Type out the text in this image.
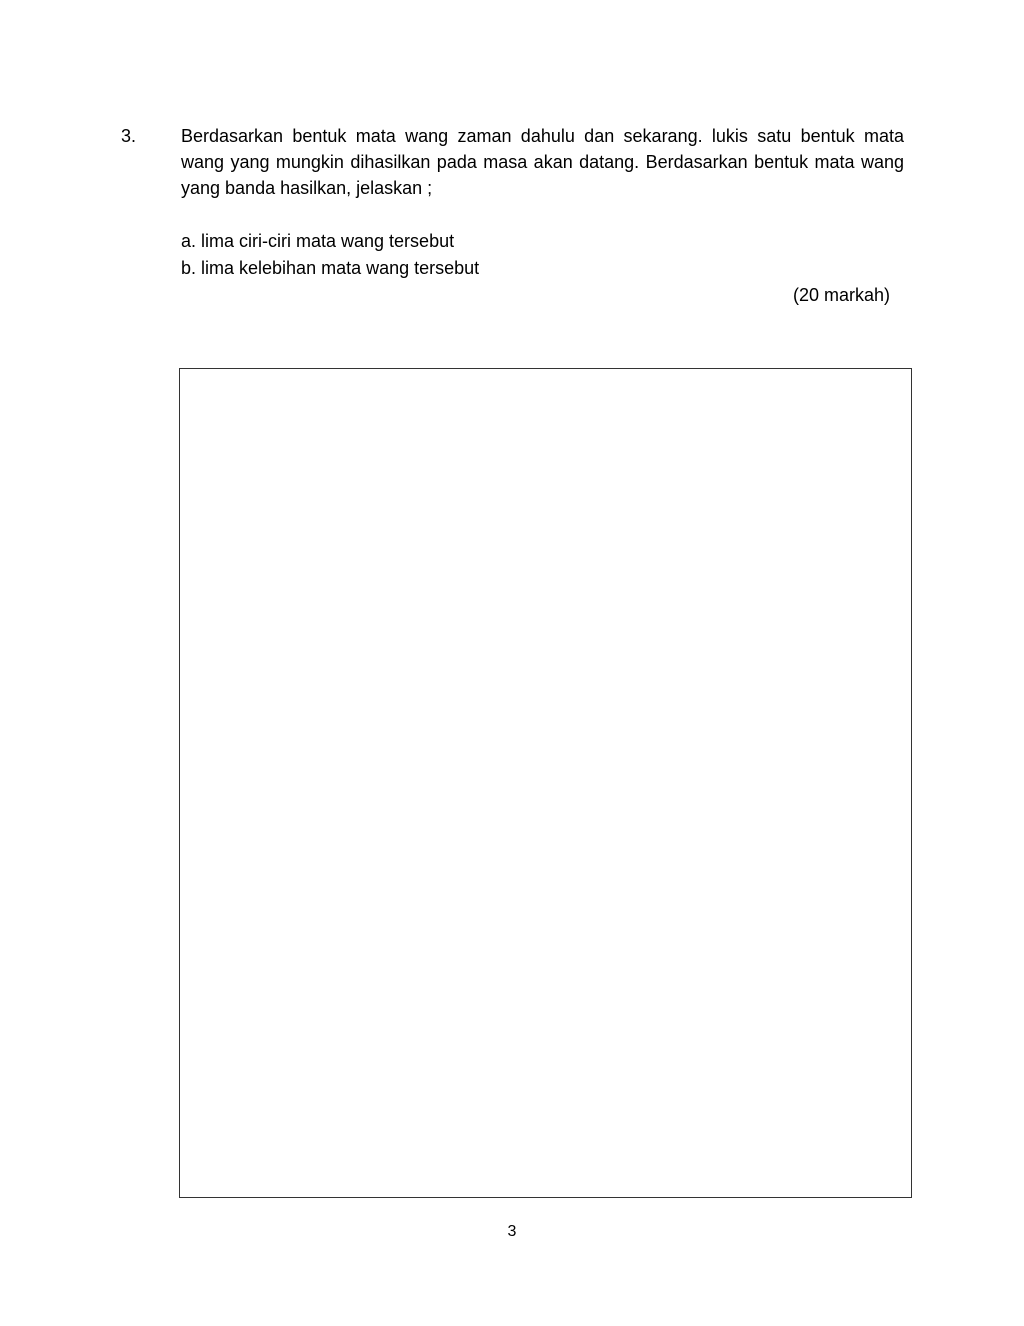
3. Berdasarkan bentuk mata wang zaman dahulu dan sekarang. lukis satu bentuk mata wang yang mungkin dihasilkan pada masa akan datang. Berdasarkan bentuk mata wang yang banda hasilkan, jelaskan ;
a. lima ciri-ciri mata wang tersebut
b. lima kelebihan mata wang tersebut
(20 markah)
3
